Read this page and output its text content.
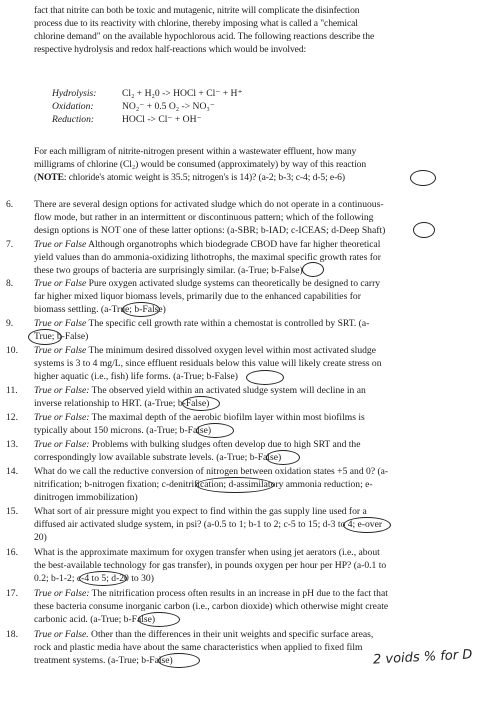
fact that nitrite can both be toxic and mutagenic, nitrite will complicate the disinfection
process due to its reactivity with chlorine, thereby imposing what is called a "chemical
chlorine demand" on the available hypochlorous acid. The following reactions describe the
respective hydrolysis and redox half-reactions which would be involved:
Hydrolysis:	Cl₂ + H₂0 -> HOCl + Cl⁻ + H⁺
Oxidation:	NO₂⁻ + 0.5 O₂ -> NO₃⁻
Reduction:	HOCl -> Cl⁻ + OH⁻
For each milligram of nitrite-nitrogen present within a wastewater effluent, how many
milligrams of chlorine (Cl₂) would be consumed (approximately) by way of this reaction
(NOTE: chloride's atomic weight is 35.5; nitrogen's is 14)? (a-2; b-3; c-4; d-5; e-6)
6. There are several design options for activated sludge which do not operate in a continuous-
flow mode, but rather in an intermittent or discontinuous pattern; which of the following
design options is NOT one of these latter options: (a-SBR; b-IAD; c-ICEAS; d-Deep Shaft)
7. True or False Although organotrophs which biodegrade CBOD have far higher theoretical
yield values than do ammonia-oxidizing lithotrophs, the maximal specific growth rates for
these two groups of bacteria are surprisingly similar. (a-True; b-False)
8. True or False Pure oxygen activated sludge systems can theoretically be designed to carry
far higher mixed liquor biomass levels, primarily due to the enhanced capabilities for
biomass settling. (a-True; b-False)
9. True or False The specific cell growth rate within a chemostat is controlled by SRT. (a-
True; b-False)
10. True or False The minimum desired dissolved oxygen level within most activated sludge
systems is 3 to 4 mg/L, since effluent residuals below this value will likely create stress on
higher aquatic (i.e., fish) life forms. (a-True; b-False)
11. True or False: The observed yield within an activated sludge system will decline in an
inverse relationship to HRT. (a-True; b-False)
12. True or False: The maximal depth of the aerobic biofilm layer within most biofilms is
typically about 150 microns. (a-True; b-False)
13. True or False: Problems with bulking sludges often develop due to high SRT and the
correspondingly low available substrate levels. (a-True; b-False)
14. What do we call the reductive conversion of nitrogen between oxidation states +5 and 0? (a-
nitrification; b-nitrogen fixation; c-denitrification; d-assimilatory ammonia reduction; e-
dinitrogen immobilization)
15. What sort of air pressure might you expect to find within the gas supply line used for a
diffused air activated sludge system, in psi? (a-0.5 to 1; b-1 to 2; c-5 to 15; d-3 to 4; e-over
20)
16. What is the approximate maximum for oxygen transfer when using jet aerators (i.e., about
the best-available technology for gas transfer), in pounds oxygen per hour per HP? (a-0.1 to
0.2; b-1-2; c-4 to 5; d-20 to 30)
17. True or False: The nitrification process often results in an increase in pH due to the fact that
these bacteria consume inorganic carbon (i.e., carbon dioxide) which otherwise might create
carbonic acid. (a-True; b-False)
18. True or False. Other than the differences in their unit weights and specific surface areas,
rock and plastic media have about the same characteristics when applied to fixed film
treatment systems. (a-True; b-False)	2 voids % for D
